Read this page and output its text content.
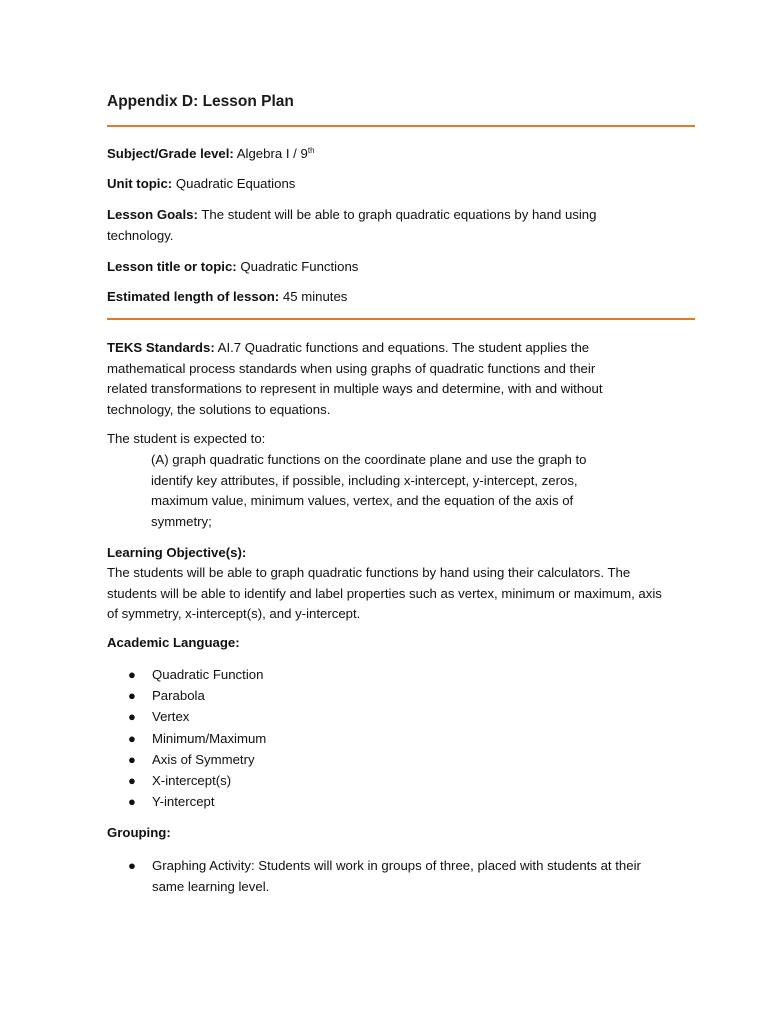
Appendix D: Lesson Plan
Subject/Grade level: Algebra I / 9th
Unit topic: Quadratic Equations
Lesson Goals: The student will be able to graph quadratic equations by hand using technology.
Lesson title or topic: Quadratic Functions
Estimated length of lesson: 45 minutes
TEKS Standards: AI.7 Quadratic functions and equations. The student applies the mathematical process standards when using graphs of quadratic functions and their related transformations to represent in multiple ways and determine, with and without technology, the solutions to equations.
The student is expected to:
(A) graph quadratic functions on the coordinate plane and use the graph to identify key attributes, if possible, including x-intercept, y-intercept, zeros, maximum value, minimum values, vertex, and the equation of the axis of symmetry;
Learning Objective(s):
The students will be able to graph quadratic functions by hand using their calculators. The students will be able to identify and label properties such as vertex, minimum or maximum, axis of symmetry, x-intercept(s), and y-intercept.
Academic Language:
● Quadratic Function
● Parabola
● Vertex
● Minimum/Maximum
● Axis of Symmetry
● X-intercept(s)
● Y-intercept
Grouping:
● Graphing Activity: Students will work in groups of three, placed with students at their same learning level.
